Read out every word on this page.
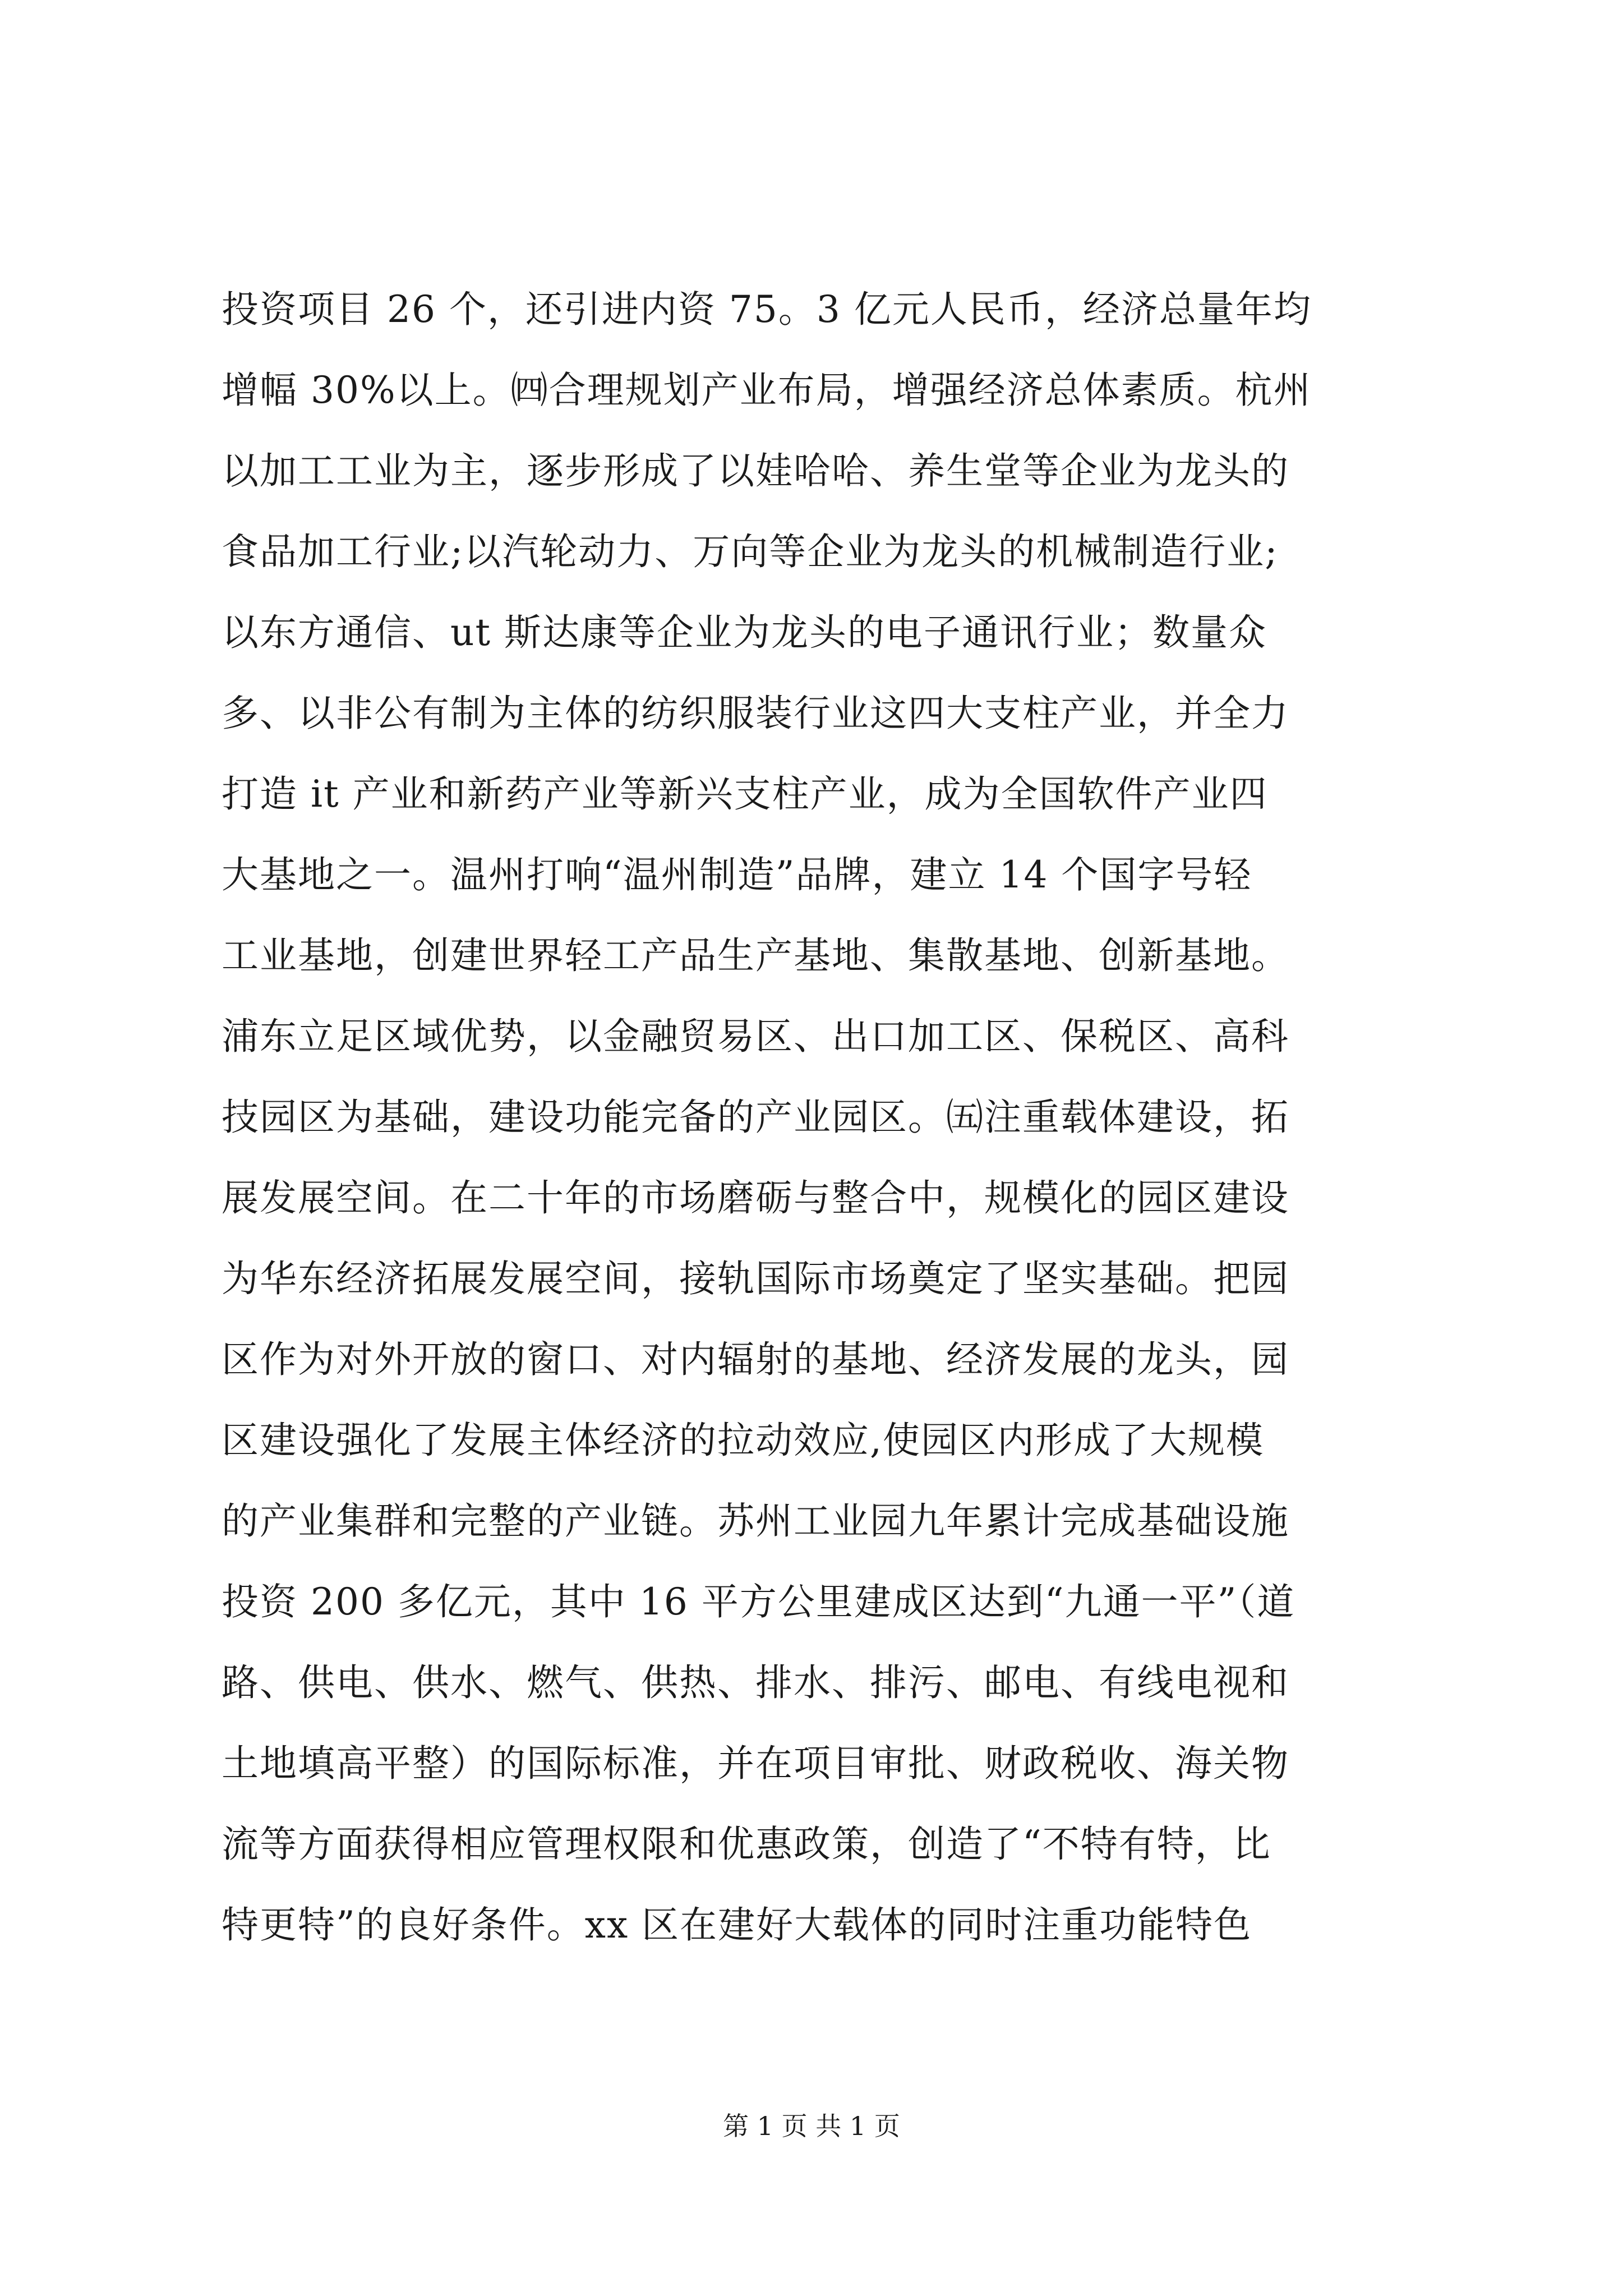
投资项目 26 个，还引进内资 75。3 亿元人民币，经济总量年均
增幅 30%以上。㈣合理规划产业布局，增强经济总体素质。杭州
以加工工业为主，逐步形成了以娃哈哈、养生堂等企业为龙头的
食品加工行业;以汽轮动力、万向等企业为龙头的机械制造行业;
以东方通信、ut 斯达康等企业为龙头的电子通讯行业；数量众
多、以非公有制为主体的纺织服装行业这四大支柱产业，并全力
打造 it 产业和新药产业等新兴支柱产业，成为全国软件产业四
大基地之一。温州打响“温州制造”品牌，建立 14 个国字号轻
工业基地，创建世界轻工产品生产基地、集散基地、创新基地。
浦东立足区域优势，以金融贸易区、出口加工区、保税区、高科
技园区为基础，建设功能完备的产业园区。㈤注重载体建设，拓
展发展空间。在二十年的市场磨砺与整合中，规模化的园区建设
为华东经济拓展发展空间，接轨国际市场奠定了坚实基础。把园
区作为对外开放的窗口、对内辐射的基地、经济发展的龙头，园
区建设强化了发展主体经济的拉动效应,使园区内形成了大规模
的产业集群和完整的产业链。苏州工业园九年累计完成基础设施
投资 200 多亿元，其中 16 平方公里建成区达到“九通一平”（道
路、供电、供水、燃气、供热、排水、排污、邮电、有线电视和
土地填高平整）的国际标准，并在项目审批、财政税收、海关物
流等方面获得相应管理权限和优惠政策，创造了“不特有特，比
特更特”的良好条件。xx 区在建好大载体的同时注重功能特色
第 1 页 共 1 页
